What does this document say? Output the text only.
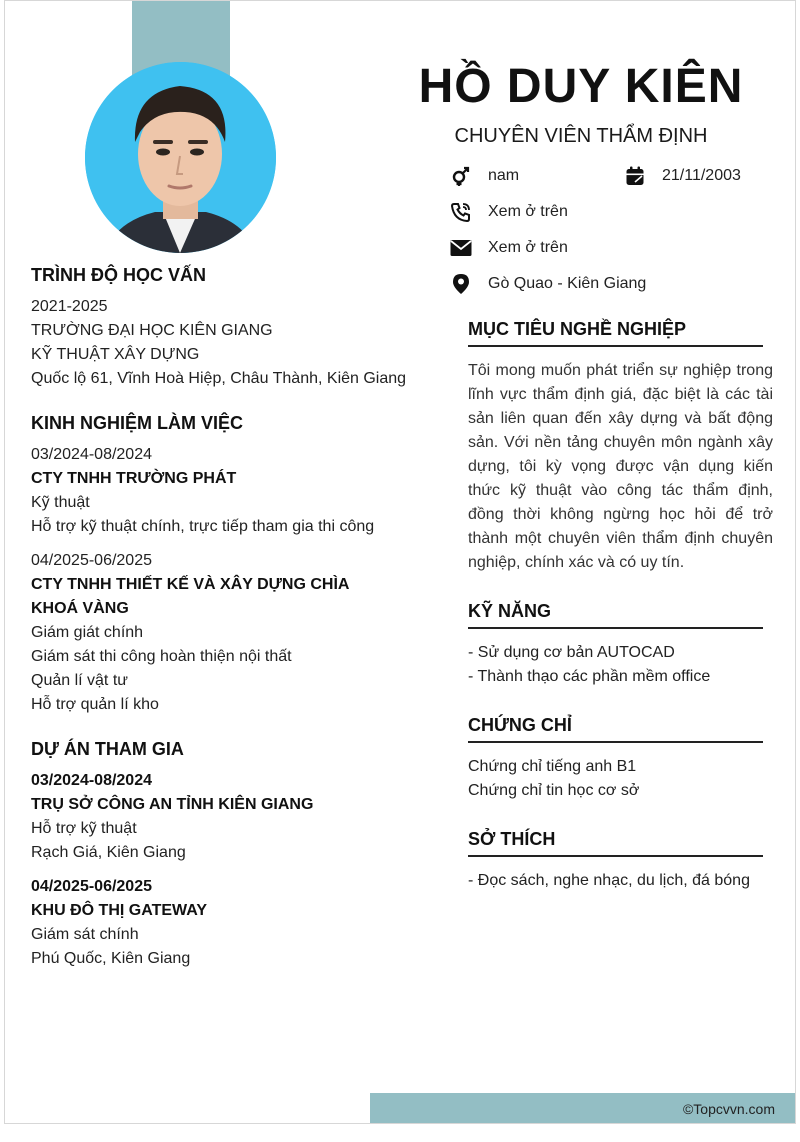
HỒ DUY KIÊN
CHUYÊN VIÊN THẨM ĐỊNH
nam	21/11/2003
Xem ở trên
Xem ở trên
Gò Quao - Kiên Giang
TRÌNH ĐỘ HỌC VẤN
2021-2025
TRƯỜNG ĐẠI HỌC KIÊN GIANG
KỸ THUẬT XÂY DỰNG
Quốc lộ 61, Vĩnh Hoà Hiệp, Châu Thành, Kiên Giang
KINH NGHIỆM LÀM VIỆC
03/2024-08/2024
CTY TNHH TRƯỜNG PHÁT
Kỹ thuật
Hỗ trợ kỹ thuật chính, trực tiếp tham gia thi công
04/2025-06/2025
CTY TNHH THIẾT KẾ VÀ XÂY DỰNG CHÌA
KHOÁ VÀNG
Giám giát chính
Giám sát thi công hoàn thiện nội thất
Quản lí vật tư
Hỗ trợ quản lí kho
DỰ ÁN THAM GIA
03/2024-08/2024
TRỤ SỞ CÔNG AN TỈNH KIÊN GIANG
Hỗ trợ kỹ thuật
Rạch Giá, Kiên Giang
04/2025-06/2025
KHU ĐÔ THỊ GATEWAY
Giám sát chính
Phú Quốc, Kiên Giang
MỤC TIÊU NGHỀ NGHIỆP
Tôi mong muốn phát triển sự nghiệp trong lĩnh vực thẩm định giá, đặc biệt là các tài sản liên quan đến xây dựng và bất động sản. Với nền tảng chuyên môn ngành xây dựng, tôi kỳ vọng được vận dụng kiến thức kỹ thuật vào công tác thẩm định, đồng thời không ngừng học hỏi để trở thành một chuyên viên thẩm định chuyên nghiệp, chính xác và có uy tín.
KỸ NĂNG
- Sử dụng cơ bản AUTOCAD
- Thành thạo các phần mềm office
CHỨNG CHỈ
Chứng chỉ tiếng anh B1
Chứng chỉ tin học cơ sở
SỞ THÍCH
- Đọc sách, nghe nhạc, du lịch, đá bóng
©Topcvvn.com
